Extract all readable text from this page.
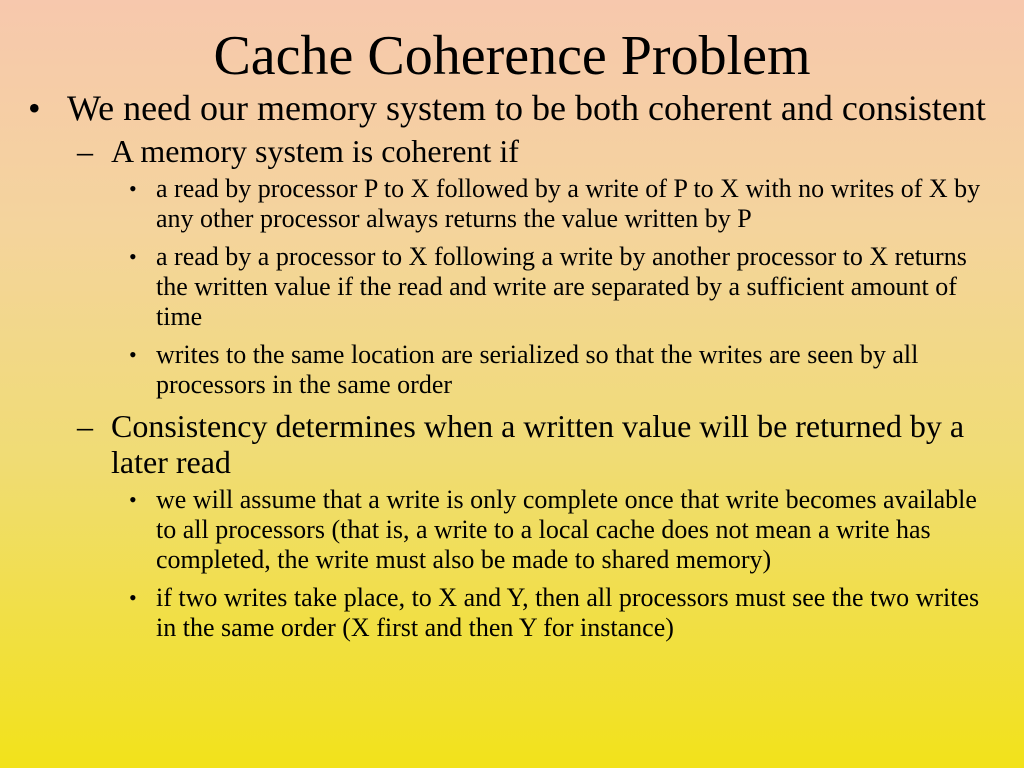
Cache Coherence Problem

• We need our memory system to be both coherent and consistent

– A memory system is coherent if

• a read by processor P to X followed by a write of P to X with no writes of X by any other processor always returns the value written by P

• a read by a processor to X following a write by another processor to X returns the written value if the read and write are separated by a sufficient amount of time

• writes to the same location are serialized so that the writes are seen by all processors in the same order

– Consistency determines when a written value will be returned by a later read

• we will assume that a write is only complete once that write becomes available to all processors (that is, a write to a local cache does not mean a write has completed, the write must also be made to shared memory)

• if two writes take place, to X and Y, then all processors must see the two writes in the same order (X first and then Y for instance)
